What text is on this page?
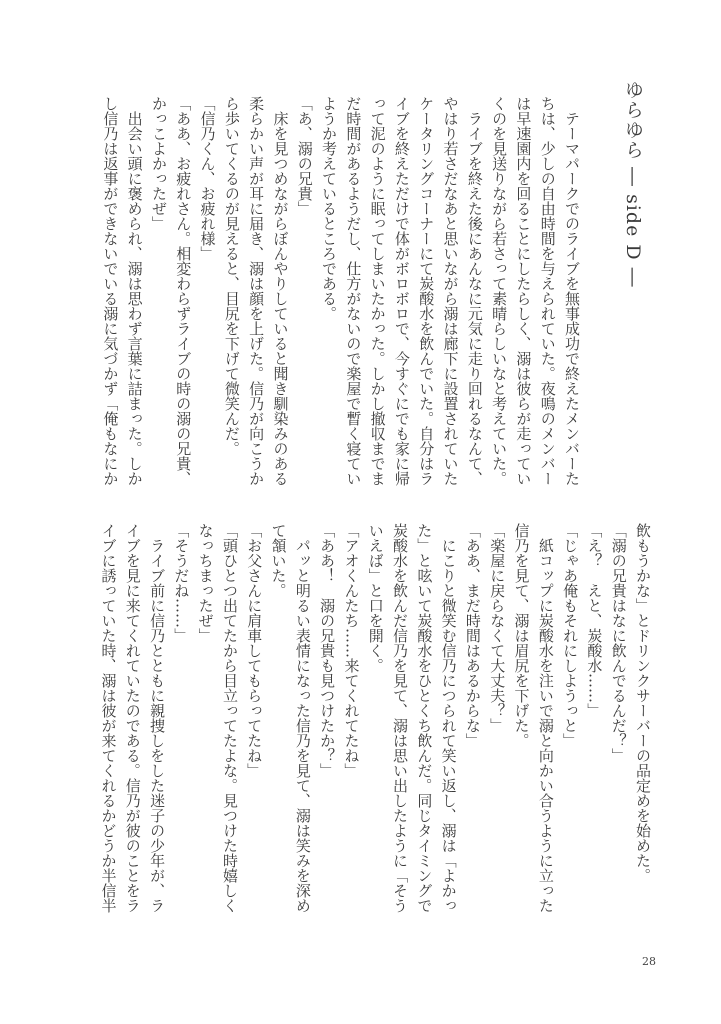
ゆらゆら ― side D ―
　テーマパークでのライブを無事成功で終えたメンバーた
ちは、少しの自由時間を与えられていた。夜鳴のメンバー
は早速園内を回ることにしたらしく、溺は彼らが走ってい
くのを見送りながら若さって素晴らしいなと考えていた。
　ライブを終えた後にあんなに元気に走り回れるなんて、
やはり若さだなあと思いながら溺は廊下に設置されていた
ケータリングコーナーにて炭酸水を飲んでいた。自分はラ
イブを終えただけで体がボロボロで、今すぐにでも家に帰
って泥のように眠ってしまいたかった。しかし撤収までま
だ時間があるようだし、仕方がないので楽屋で暫く寝てい
ようか考えているところである。
「あ、溺の兄貴」
　床を見つめながらぼんやりしていると聞き馴染みのある
柔らかい声が耳に届き、溺は顔を上げた。信乃が向こうか
ら歩いてくるのが見えると、目尻を下げて微笑んだ。
「信乃くん、お疲れ様」
「ああ、お疲れさん。相変わらずライブの時の溺の兄貴、
かっこよかったぜ」
　出会い頭に褒められ、溺は思わず言葉に詰まった。しか
し信乃は返事ができないでいる溺に気づかず「俺もなにか
飲もうかな」とドリンクサーバーの品定めを始めた。
「溺の兄貴はなに飲んでるんだ？」
「え？　えと、炭酸水……」
「じゃあ俺もそれにしようっと」
　紙コップに炭酸水を注いで溺と向かい合うように立った
信乃を見て、溺は眉尻を下げた。
「楽屋に戻らなくて大丈夫？」
「ああ、まだ時間はあるからな」
　にこりと微笑む信乃につられて笑い返し、溺は「よかっ
た」と呟いて炭酸水をひとくち飲んだ。同じタイミングで
炭酸水を飲んだ信乃を見て、溺は思い出したように「そう
いえば」と口を開く。
「アオくんたち……来てくれてたね」
「ああ！　溺の兄貴も見つけたか？」
　パッと明るい表情になった信乃を見て、溺は笑みを深め
て頷いた。
「お父さんに肩車してもらってたね」
「頭ひとつ出てたから目立ってたよな。見つけた時嬉しく
なっちまったぜ」
「そうだね……」
　ライブ前に信乃とともに親捜しをした迷子の少年が、ラ
イブを見に来てくれていたのである。信乃が彼のことをラ
イブに誘っていた時、溺は彼が来てくれるかどうか半信半
28
